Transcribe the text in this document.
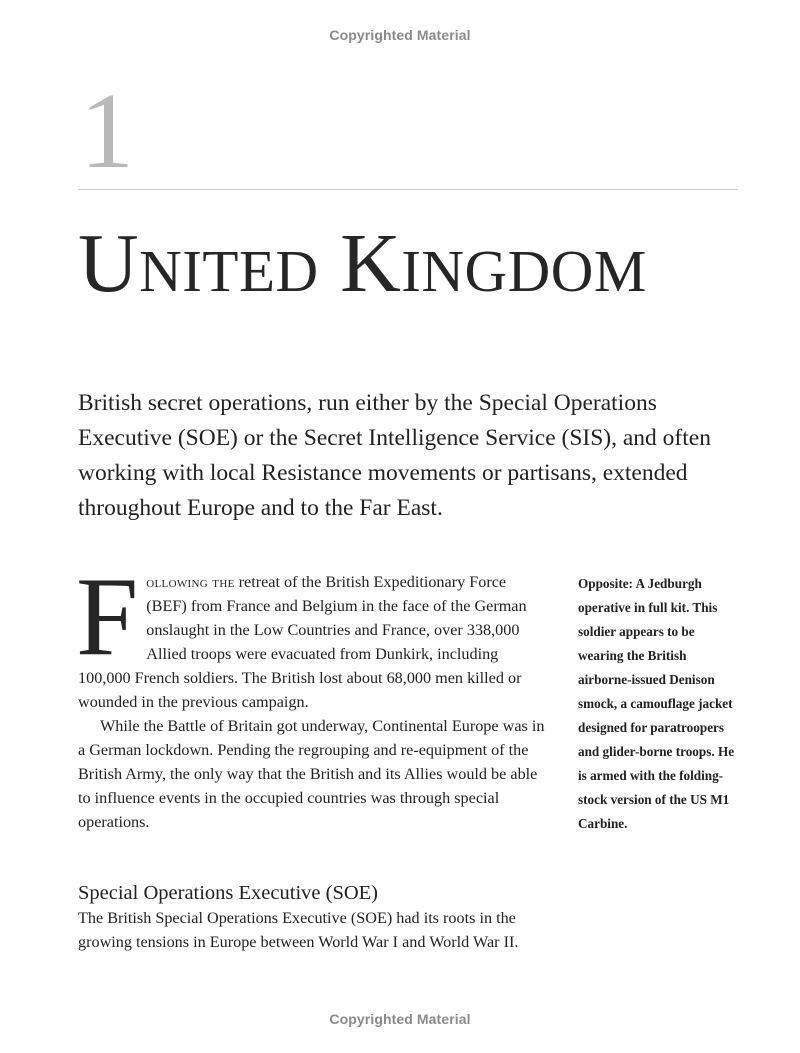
Copyrighted Material
1
United Kingdom

British secret operations, run either by the Special Operations Executive (SOE) or the Secret Intelligence Service (SIS), and often working with local Resistance movements or partisans, extended throughout Europe and to the Far East.

Following the retreat of the British Expeditionary Force (BEF) from France and Belgium in the face of the German onslaught in the Low Countries and France, over 338,000 Allied troops were evacuated from Dunkirk, including 100,000 French soldiers. The British lost about 68,000 men killed or wounded in the previous campaign.

While the Battle of Britain got underway, Continental Europe was in a German lockdown. Pending the regrouping and re-equipment of the British Army, the only way that the British and its Allies would be able to influence events in the occupied countries was through special operations.

Special Operations Executive (SOE)

The British Special Operations Executive (SOE) had its roots in the growing tensions in Europe between World War I and World War II.

Opposite: A Jedburgh operative in full kit. This soldier appears to be wearing the British airborne-issued Denison smock, a camouflage jacket designed for paratroopers and glider-borne troops. He is armed with the folding-stock version of the US M1 Carbine.

Copyrighted Material
